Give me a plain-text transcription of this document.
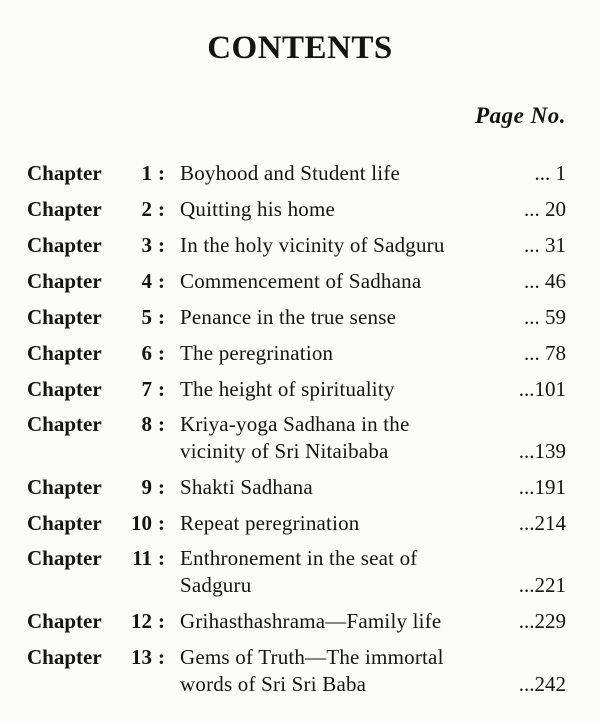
CONTENTS
Page No.
Chapter 1 : Boyhood and Student life	... 1
Chapter 2 : Quitting his home	... 20
Chapter 3 : In the holy vicinity of Sadguru	... 31
Chapter 4 : Commencement of Sadhana	... 46
Chapter 5 : Penance in the true sense	... 59
Chapter 6 : The peregrination	... 78
Chapter 7 : The height of spirituality	...101
Chapter 8 : Kriya-yoga Sadhana in the vicinity of Sri Nitaibaba	...139
Chapter 9 : Shakti Sadhana	...191
Chapter 10 : Repeat peregrination	...214
Chapter 11 : Enthronement in the seat of Sadguru	...221
Chapter 12 : Grihasthashrama—Family life	...229
Chapter 13 : Gems of Truth—The immortal words of Sri Sri Baba	...242
